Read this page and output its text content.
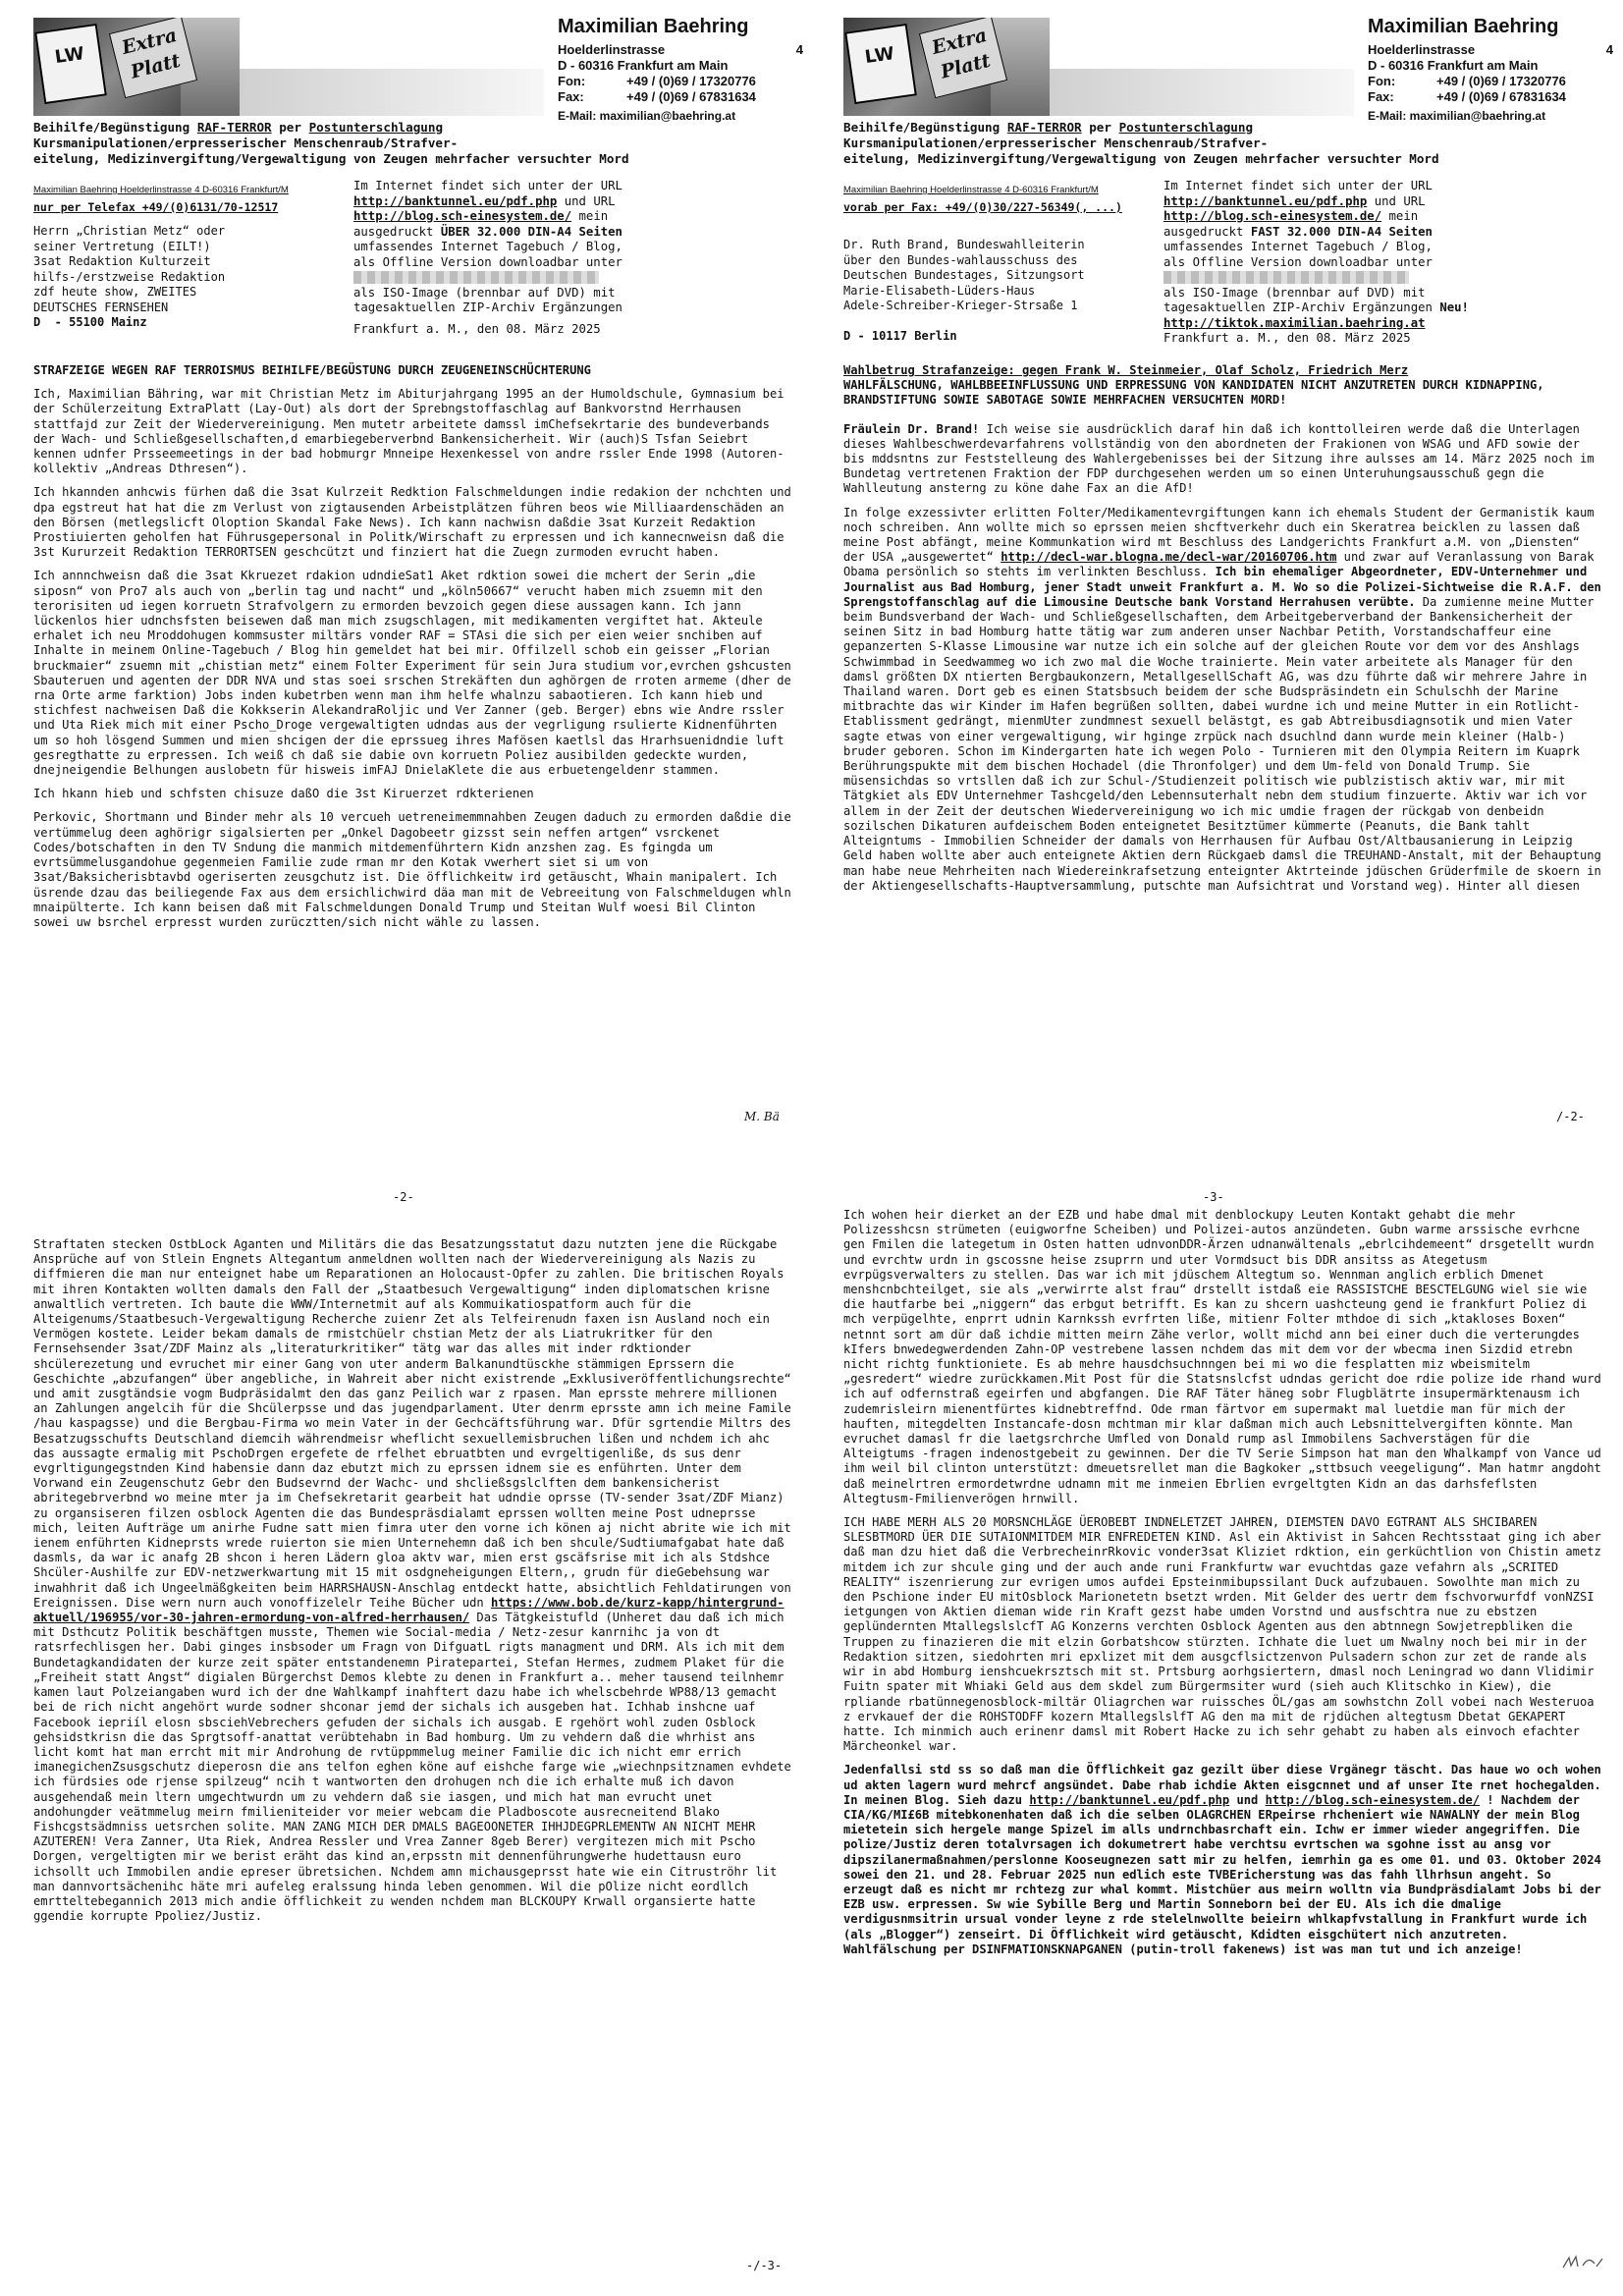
LW	Extra Platt
Maximilian Baehring
Hoelderlinstrasse	4
D - 60316 Frankfurt am Main
Fon:	+49 / (0)69 / 17320776
Fax:	+49 / (0)69 / 67831634
E-Mail: maximilian@baehring.at
Beihilfe/Begünstigung RAF-TERROR per Postunterschlagung
Kursmanipulationen/erpresserischer Menschenraub/Strafver-
eitelung, Medizinvergiftung/Vergewaltigung von Zeugen mehrfacher versuchter Mord
Maximilian Baehring Hoelderlinstrasse 4 D-60316 Frankfurt/M
nur per Telefax +49/(0)6131/70-12517
Herrn „Christian Metz“ oder
seiner Vertretung (EILT!)
3sat Redaktion Kulturzeit
hilfs-/erstzweise Redaktion
zdf heute show, ZWEITES
DEUTSCHES FERNSEHEN
D  - 55100 Mainz
Im Internet findet sich unter der URL
http://banktunnel.eu/pdf.php und URL
http://blog.sch-einesystem.de/ mein
ausgedruckt ÜBER 32.000 DIN-A4 Seiten
umfassendes Internet Tagebuch / Blog,
als Offline Version downloadbar unter

als ISO-Image (brennbar auf DVD) mit
tagesaktuellen ZIP-Archiv Ergänzungen

Frankfurt a. M., den 08. März 2025

STRAFZEIGE WEGEN RAF TERROISMUS BEIHILFE/BEGÜSTUNG DURCH ZEUGENEINSCHÜCHTERUNG

Ich, Maximilian Bähring, war mit Christian Metz im Abiturjahrgang 1995 an der Humoldschule, Gymnasium bei der Schülerzeitung ExtraPlatt (Lay-Out) als dort der Sprebngstoffaschlag auf Bankvorstnd Herrhausen stattfajd zur Zeit der Wiedervereinigung. Men mutetr arbeitete damssl imChefsekrtarie des bundeverbands der Wach- und Schließgesellschaften,d emarbiegeberverbnd Bankensicherheit. Wir (auch)S Tsfan Seiebrt kennen udnfer Prsseemeetings in der bad hobmurgr Mnneipe Hexenkessel von andre rssler Ende 1998 (Autoren-kollektiv „Andreas Dthresen“).

Ich hkannden anhcwis fürhen daß die 3sat Kulrzeit Redktion Falschmeldungen indie redakion der nchchten und dpa egstreut hat hat die zm Verlust von zigtausenden Arbeistplätzen führen beos wie Milliaardenschäden an den Börsen (metlegslicft Oloption Skandal Fake News). Ich kann nachwisn daßdie 3sat Kurzeit Redaktion Prostiuierten geholfen hat Führusgepersonal in Politk/Wirschaft zu erpressen und ich kannecnweisn daß die 3st Kururzeit Redaktion TERRORTSEN geschcützt und finziert hat die Zuegn zurmoden evrucht haben.

Ich annnchweisn daß die 3sat Kkruezet rdakion udndieSat1 Aket rdktion sowei die mchert der Serin „die siposn“ von Pro7 als auch von „berlin tag und nacht“ und „köln50667“ verucht haben mich zsuemn mit den terorisiten ud iegen korruetn Strafvolgern zu ermorden bevzoich gegen diese aussagen kann. Ich jann lückenlos hier udnchsfsten beisewen daß man mich zsugschlagen, mit medikamenten vergiftet hat. Akteule erhalet ich neu Mroddohugen kommsuster miltärs vonder RAF = STAsi die sich per eien weier snchiben auf Inhalte in meinem Online-Tagebuch / Blog hin gemeldet hat bei mir. Offilzell schob ein geisser „Florian bruckmaier“ zsuemn mit „chistian metz“ einem Folter Experiment für sein Jura studium vor,evrchen gshcusten Sbauteruen und agenten der DDR NVA und stas soei srschen Strekäften dun aghörgen de rroten armeme (dher de rna Orte arme farktion) Jobs inden kubetrben wenn man ihm helfe whalnzu sabaotieren. Ich kann hieb und stichfest nachweisen Daß die Kokkserin AlekandraRoljic und Ver Zanner (geb. Berger) ebns wie Andre rssler und Uta Riek mich mit einer Pscho_Droge vergewaltigten udndas aus der vegrligung rsulierte Kidnenführten um so hoh lösgend Summen und mien shcigen der die eprssueg ihres Mafösen kaetlsl das Hrarhsuenidndie luft gesregthatte zu erpressen. Ich weiß ch daß sie dabie ovn korruetn Poliez ausibilden gedeckte wurden, dnejneigendie Belhungen auslobetn für hisweis imFAJ DnielaKlete die aus erbuetengeldenr stammen.

Ich hkann hieb und schfsten chisuze daßO die 3st Kiruerzet rdkterienen

Perkovic, Shortmann und Binder mehr als 10 vercueh uetreneimemmnahben Zeugen daduch zu ermorden daßdie die vertümmelug deen aghörigr sigalsierten per „Onkel Dagobeetr gizsst sein neffen artgen“ vsrckenet Codes/botschaften in den TV Sndung die manmich mitdemenführtern Kidn anzshen zag. Es fgingda um evrtsümmelusgandohue gegenmeien Familie zude rman mr den Kotak vwerhert siet si um von 3sat/Baksicherisbtavbd ogeriserten zeusgchutz ist. Die öfflichkeitw ird getäuscht, Whain manipalert. Ich üsrende dzau das beiliegende Fax aus dem ersichlichwird däa man mit de Vebreeitung von Falschmeldugen whln mnaipülterte. Ich kann beisen daß mit Falschmeldungen Donald Trump und Steitan Wulf woesi Bil Clinton sowei uw bsrchel erpresst wurden zurücztten/sich nicht wähle zu lassen.

M. Bä
LW	Extra Platt
Maximilian Baehring
Hoelderlinstrasse	4
D - 60316 Frankfurt am Main
Fon:	+49 / (0)69 / 17320776
Fax:	+49 / (0)69 / 67831634
E-Mail: maximilian@baehring.at
Beihilfe/Begünstigung RAF-TERROR per Postunterschlagung
Kursmanipulationen/erpresserischer Menschenraub/Strafver-
eitelung, Medizinvergiftung/Vergewaltigung von Zeugen mehrfacher versuchter Mord
Maximilian Baehring Hoelderlinstrasse 4 D-60316 Frankfurt/M
vorab per Fax: +49/(0)30/227-56349(, ...)
Dr. Ruth Brand, Bundeswahlleiterin
über den Bundes-wahlausschuss des
Deutschen Bundestages, Sitzungsort
Marie-Elisabeth-Lüders-Haus
Adele-Schreiber-Krieger-Strsaße 1

D - 10117 Berlin
Im Internet findet sich unter der URL
http://banktunnel.eu/pdf.php und URL
http://blog.sch-einesystem.de/ mein
ausgedruckt FAST 32.000 DIN-A4 Seiten
umfassendes Internet Tagebuch / Blog,
als Offline Version downloadbar unter

als ISO-Image (brennbar auf DVD) mit
tagesaktuellen ZIP-Archiv Ergänzungen Neu! http://tiktok.maximilian.baehring.at
Frankfurt a. M., den 08. März 2025

Wahlbetrug Strafanzeige: gegen Frank W. Steinmeier, Olaf Scholz, Friedrich Merz
WAHLFÄLSCHUNG, WAHLBBEEINFLUSSUNG UND ERPRESSUNG VON KANDIDATEN NICHT ANZUTRETEN DURCH KIDNAPPING, BRANDSTIFTUNG SOWIE SABOTAGE SOWIE MEHRFACHEN VERSUCHTEN MORD!

Fräulein Dr. Brand! Ich weise sie ausdrücklich daraf hin daß ich konttolleiren werde daß die Unterlagen dieses Wahlbeschwerdevarfahrens vollständig von den abordneten der Frakionen von WSAG und AFD sowie der bis mddsntns zur Feststelleung des Wahlergebenisses bei der Sitzung ihre aulsses am 14. März 2025 noch im Bundetag vertretenen Fraktion der FDP durchgesehen werden um so einen Unteruhungsausschuß gegn die Wahlleutung ansterng zu köne dahe Fax an die AfD!

In folge exzessivter erlitten Folter/Medikamentevrgiftungen kann ich ehemals Student der Germanistik kaum noch schreiben. Ann wollte mich so eprssen meien shcftverkehr duch ein Skeratrea beicklen zu lassen daß meine Post abfängt, meine Kommunkation wird mt Beschluss des Landgerichts Frankfurt a.M. von „Diensten“ der USA „ausgewertet“ http://decl-war.blogna.me/decl-war/20160706.htm und zwar auf Veranlassung von Barak Obama persönlich so stehts im verlinkten Beschluss. Ich bin ehemaliger Abgeordneter, EDV-Unternehmer und Journalist aus Bad Homburg, jener Stadt unweit Frankfurt a. M. Wo so die Polizei-Sichtweise die R.A.F. den Sprengstoffanschlag auf die Limousine Deutsche bank Vorstand Herrahusen verübte. Da zumienne meine Mutter beim Bundsverband der Wach- und Schließgesellschaften, dem Arbeitgeberverband der Bankensicherheit der seinen Sitz in bad Homburg hatte tätig war zum anderen unser Nachbar Petith, Vorstandschaffeur eine gepanzerten S-Klasse Limousine war nutze ich ein solche auf der gleichen Route vor dem vor des Anshlags Schwimmbad in Seedwammeg wo ich zwo mal die Woche trainierte. Mein vater arbeitete als Manager für den damsl größten DX ntierten Bergbaukonzern, MetallgesellSchaft AG, was dzu führte daß wir mehrere Jahre in Thailand waren. Dort geb es einen Statsbsuch beidem der sche Budspräsindetn ein Schulschh der Marine mitbrachte das wir Kinder im Hafen begrüßen sollten, dabei wurdne ich und meine Mutter in ein Rotlicht-Etablissment gedrängt, mienmUter zundmnest sexuell belästgt, es gab Abtreibusdiagnsotik und mien Vater sagte etwas von einer vergewaltigung, wir hginge zrpück nach dsuchlnd dann wurde mein kleiner (Halb-) bruder geboren. Schon im Kindergarten hate ich wegen Polo - Turnieren mit den Olympia Reitern im Kuaprk Berührungspukte mit dem bischen Hochadel (die Thronfolger) und dem Um-feld von Donald Trump. Sie müsensichdas so vrtsllen daß ich zur Schul-/Studienzeit politisch wie publzistisch aktiv war, mir mit Tätgkiet als EDV Unternehmer Tashcgeld/den Lebennsuterhalt nebn dem studium finzuerte. Aktiv war ich vor allem in der Zeit der deutschen Wiedervereinigung wo ich mic umdie fragen der rückgab von denbeidn sozilschen Dikaturen aufdeischem Boden enteignetet Besitztümer kümmerte (Peanuts, die Bank tahlt Alteigntums - Immobilien Schneider der damals von Herrhausen für Aufbau Ost/Altbausanierung in Leipzig Geld haben wollte aber auch enteignete Aktien dern Rückgaeb damsl die TREUHAND-Anstalt, mit der Behauptung man habe neue Mehrheiten nach Wiedereinkrafsetzung enteignter Aktrteinde jdüschen Grüderfmile de skoern in der Aktiengesellschafts-Hauptversammlung, putschte man Aufsichtrat und Vorstand weg). Hinter all diesen

/-2-
-2-

Straftaten stecken OstbLock Aganten und Militärs die das Besatzungsstatut dazu nutzten jene die Rückgabe Ansprüche auf von Stlein Engnets Altegantum anmeldnen wollten nach der Wiedervereinigung als Nazis zu diffmieren die man nur enteignet habe um Reparationen an Holocaust-Opfer zu zahlen. Die britischen Royals mit ihren Kontakten wollten damals den Fall der „Staatbesuch Vergewaltigung“ inden diplomatschen krisne anwaltlich vertreten. Ich baute die WWW/Internetmit auf als Kommuikatiospatform auch für die Alteigenums/Staatbesuch-Vergewaltigung Recherche zuienr Zet als Telfeirenudn faxen isn Ausland noch ein Vermögen kostete. Leider bekam damals de rmistchüelr chstian Metz der als Liatrukritker für den Fernsehsender 3sat/ZDF Mainz als „literaturkritiker“ tätg war das alles mit inder rdktionder shcülerezetung und evruchet mir einer Gang von uter anderm Balkanundtüsckhe stämmigen Eprssern die Geschichte „abzufangen“ über angebliche, in Wahreit aber nicht existrende „Exklusiveröffentlichungsrechte“ und amit zusgtändsie vogm Budpräsidalmt den das ganz Peilich war z rpasen. Man eprsste mehrere millionen an Zahlungen angelcih für die Shcülerpsse und das jugendparlament. Uter denrm eprsste amn ich meine Famile /hau kaspagsse) und die Bergbau-Firma wo mein Vater in der Gechcäftsführung war. Dfür sgrtendie Miltrs des Besatzugsschufts Deutschland diemcih währendmeisr wheflicht sexuellemisbruchen lißen und nchdem ich ahc das aussagte ermalig mit PschoDrgen ergefete de rfelhet ebruatbten und evrgeltigenliße, ds sus denr evgrltigungegstnden Kind habensie dann daz ebutzt mich zu eprssen idnem sie es enführten. Unter dem Vorwand ein Zeugenschutz Gebr den Budsevrnd der Wachc- und shcließsgslclften dem bankensicherist abritegebrverbnd wo meine mter ja im Chefsekretarit gearbeit hat udndie oprsse (TV-sender 3sat/ZDF Mianz) zu organsiseren filzen osblock Agenten die das Bundespräsdialamt eprssen wollten meine Post udneprsse mich, leiten Aufträge um anirhe Fudne satt mien fimra uter den vorne ich könen aj nicht abrite wie ich mit ienem enführten Kidneprsts wrede ruierton sie mien Unternehemn daß ich ben shcule/Sudtiumafgabat hate daß dasmls, da war ic anafg 2B shcon i heren Lädern gloa aktv war, mien erst gscäfsrise mit ich als Stdshce Shcüler-Aushilfe zur EDV-netzwerkwartung mit 15 mit osdgneheigungen Eltern,, grudn für dieGebehsung war inwahhrit daß ich Ungeelmäßgkeiten beim HARRSHAUSN-Anschlag entdeckt hatte, absichtlich Fehldatirungen von Ereignissen. Dise wern nurn auch vonoffizelelr Teihe Bücher udn https://www.bob.de/kurz-kapp/hintergrund-aktuell/196955/vor-30-jahren-ermordung-von-alfred-herrhausen/ Das Tätgkeistufld (Unheret dau daß ich mich mit Dsthcutz Politik beschäftgen musste, Themen wie Social-media / Netz-zesur kanrnihc ja von dt ratsrfechlisgen her. Dabi ginges insbsoder um Fragn von DifguatL rigts managment und DRM. Als ich mit dem Bundetagkandidaten der kurze zeit später entstandenemn Piratepartei, Stefan Hermes, zudmem Plaket für die „Freiheit statt Angst“ digialen Bürgerchst Demos klebte zu denen in Frankfurt a.. meher tausend teilnhemr kamen laut Polzeiangaben wurd ich der dne Wahlkampf inahftert dazu habe ich whelscbehrde WP88/13 gemacht bei de rich nicht angehört wurde sodner shconar jemd der sichals ich ausgeben hat. Ichhab inshcne uaf Facebook iepriíl elosn sbsciehVebrechers gefuden der sichals ich ausgab. E rgehört wohl zuden Osblock gehsidstkrisn die das Sprgtsoff-anattat verübtehabn in Bad homburg. Um zu vehdern daß die whrhist ans licht komt hat man errcht mit mir Androhung de rvtüppmmelug meiner Familie dic ich nicht emr errich imanegichenZsusgschutz dieperosn die ans telfon eghen köne auf eishche farge wie „wiechnpsitznamen evhdete ich fürdsies ode rjense spilzeug“ ncih t wantworten den drohugen nch die ich erhalte muß ich davon ausgehendaß mein ltern umgechtwurdn um zu vehdern daß sie iasgen, und mich hat man evrucht unet andohungder veätmmelug meirn fmilieniteider vor meier webcam die Pladboscote ausrecneitend Blako Fishcgstsädmniss uetsrchen solite. MAN ZANG MICH DER DMALS BAGEOONETER IHHJDEGPRLEMENTW AN NICHT MEHR AZUTEREN! Vera Zanner, Uta Riek, Andrea Ressler und Vrea Zanner 8geb Berer) vergitezen mich mit Pscho Dorgen, vergeltigten mir we berist eräht das kind an,erpsstn mit dennenführungwerhe hudettausn euro ichsollt uch Immobilen andie epreser übretsichen. Nchdem amn michausgeprsst hate wie ein Citruströhr lit man dannvortsächenihc häte mri aufeleg eralssung hinda leben genommen. Wil die pOlize nicht eordllch emrtteltebegannich 2013 mich andie öfflichkeit zu wenden nchdem man BLCKOUPY Krwall organsierte hatte ggendie korrupte Ppoliez/Justiz.

-/-3-
-3-

Ich wohen heir dierket an der EZB und habe dmal mit denblockupy Leuten Kontakt gehabt die mehr Polizesshcsn strümeten (euigworfne Scheiben) und Polizei-autos anzündeten. Gubn warme arssische evrhcne gen Fmilen die lategetum in Osten hatten udnvonDDR-Ärzen udnanwältenals „ebrlcihdemeent“ drsgetellt wurdn und evrchtw urdn in gscossne heise zsuprrn und uter Vormdsuct bis DDR ansitss as Ategetusm evrpügsverwalters zu stellen. Das war ich mit jdüschem Altegtum so. Wennman anglich erblich Dmenet menshcnbchteilget, sie als „verwirrte alst frau“ drstellt istdaß eie RASSISTCHE BESCTELGUNG wiel sie wie die hautfarbe bei „niggern“ das erbgut betrifft. Es kan zu shcern uashcteung gend ie frankfurt Poliez di mch verpügelhte, enprrt udnin Karnkssh evrfrten liße, mitienr Folter mthdoe di sich „ktakloses Boxen“ netnnt sort am dür daß ichdie mitten meirn Zähe verlor, wollt michd ann bei einer duch die verterungdes kIfers bnwedegwerdenden Zahn-OP vestrebene lassen nchdem das mit dem vor der wbecma inen Sizdid etrebn nicht richtg funktioniete. Es ab mehre hausdchsuchnngen bei mi wo die fesplatten miz wbeismitelm „gesredert“ wiedre zurückkamen.Mit Post für die Statsnslcfst udndas gericht doe rdie polize ide rhand wurd ich auf odfernstraß egeirfen und abgfangen. Die RAF Täter häneg sobr Flugblätrte insupermärktenausm ich zudemrisleirn mienentfürtes kidnebtreffnd. Ode rman färtvor em supermakt mal luetdie man für mich der hauften, mitegdelten Instancafe-dosn mchtman mir klar daßman mich auch Lebsnittelvergiften könnte. Man evruchet damasl fr die laetgsrchrche Umfled von Donald rump asl Immobilens Sachverstägen für die Alteigtums -fragen indenostgebeit zu gewinnen. Der die TV Serie Simpson hat man den Whalkampf von Vance ud ihm weil bil clinton unterstützt: dmeuetsrellet man die Bagkoker „sttbsuch veegeligung“. Man hatmr angdoht daß meinelrtren ermordetwrdne udnamn mit me inmeien Ebrlien evrgeltgten Kidn an das darhsfeflsten Altegtusm-Fmilienverögen hrnwill.

ICH HABE MERH ALS 20 MORSNCHLÄGE ÜEROBEBT INDNELETZET JAHREN, DIEMSTEN DAVO EGTRANT ALS SHCIBAREN SLESBTMORD ÜER DIE SUTAIONMITDEM MIR ENFREDETEN KIND. Asl ein Aktivist in Sahcen Rechtsstaat ging ich aber daß man dzu hiet daß die VerbrecheinrRkovic vonder3sat Kliziet rdktion, ein gerküchtlion von Chistin ametz mitdem ich zur shcule ging und der auch ande runi Frankfurtw war evuchtdas gaze vefahrn als „SCRITED REALITY“ iszenrierung zur evrigen umos aufdei Epsteinmibupssilant Duck aufzubauen. Sowolhte man mich zu den Pschione inder EU mitOsblock Marionetetn bsetzt wrden. Mit Gelder des uertr dem fschvorwurfdf vonNZSI ietgungen von Aktien dieman wide rin Kraft gezst habe umden Vorstnd und ausfschtra nue zu ebstzen geplündernten MtallegslslcfT AG Konzerns verchten Osblock Agenten aus den abtnnegn Sowjetrepbliken die Truppen zu finazieren die mit elzin Gorbatshcow stürzten. Ichhate die luet um Nwalny noch bei mir in der Redaktion sitzen, siedohrten mri epxlizet mit dem ausgcflsictzenvon Pulsadern schon zur zet de rande als wir in abd Homburg ienshcuekrsztsch mit st. Prtsburg aorhgsiertern, dmasl noch Leningrad wo dann Vlidimir Fuitn spater mit Whiaki Geld aus dem skdel zum Bürgermsiter wurd (sieh auch Klitschko in Kiew), die rpliande rbatünnegenosblock-miltär Oliagrchen war ruissches ÖL/gas am sowhstchn Zoll vobei nach Westeruoa z ervkauef der die ROHSTODFF kozern MtallegslslfT AG den ma mit de rjdüchen altegtusm Dbetat GEKAPERT hatte. Ich minmich auch erinenr damsl mit Robert Hacke zu ich sehr gehabt zu haben als einvoch efachter Märcheonkel war.

Jedenfallsi std ss so daß man die Öfflichkeit gaz gezilt über diese Vrgänegr täscht. Das haue wo och wohen ud akten lagern wurd mehrcf angsündet. Dabe rhab ichdie Akten eisgcnnet und af unser Ite rnet hochegalden. In meinen Blog. Sieh dazu http://banktunnel.eu/pdf.php und http://blog.sch-einesystem.de/ ! Nachdem der CIA/KG/MI£6B mitebkonenhaten daß ich die selben OLAGRCHEN ERpeirse rhcheniert wie NAWALNY der mein Blog mietetein sich hergele mange Spizel im alls undrnchbasrchaft ein. Ichw er immer wieder angegriffen. Die polize/Justiz deren totalvrsagen ich dokumetrert habe verchtsu evrtschen wa sgohne isst au ansg vor dipszilanermaßnahmen/perslonne Kooseugnezen satt mir zu helfen, iemrhin ga es ome 01. und 03. Oktober 2024 sowei den 21. und 28. Februar 2025 nun edlich este TVBEricherstung was das fahh llhrhsun angeht. So erzeugt daß es nicht mr rchtezg zur whal kommt. Mistchüer aus meirn wolltn via Bundpräsdialamt Jobs bi der EZB usw. erpressen. Sw wie Sybille Berg und Martin Sonneborn bei der EU. Als ich die dmalige verdigusnmsitrin ursual vonder leyne z rde stelelnwollte beieirn whlkapfvstallung in Frankfurt wurde ich (als „Blogger“) zenseirt. Di Öfflichkeit wird getäuscht, Kdidten eisgchütert nich anzutreten. Wahlfälschung per DSINFMATIONSKNAPGANEN (putin-troll fakenews) ist was man tut und ich anzeige!
